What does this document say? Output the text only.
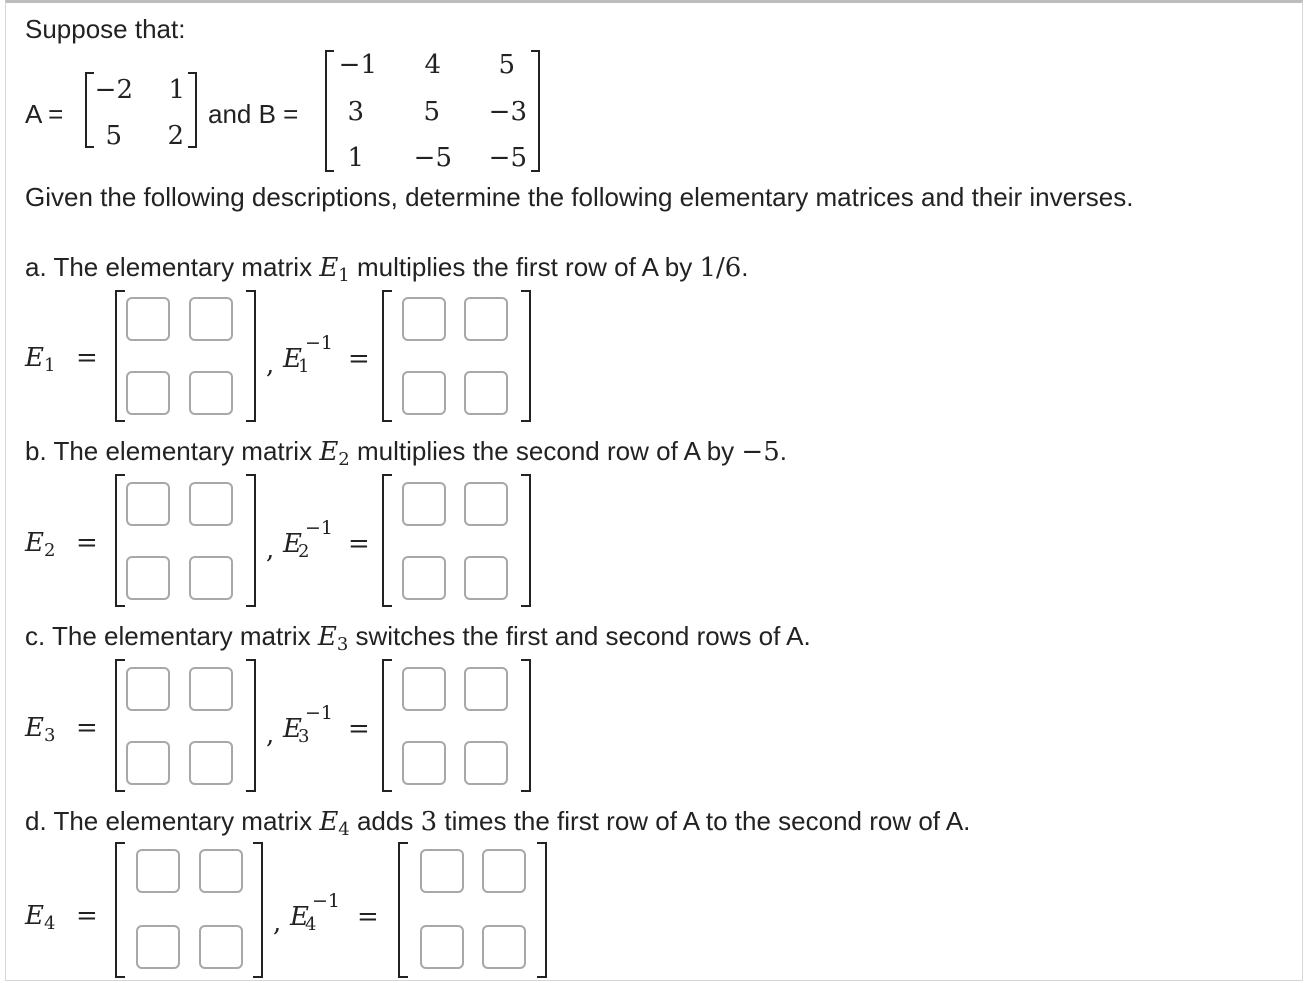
Suppose that:
A =
−2	1
5	2
and B =
−1	4	5
3	5	−3
1	−5	−5
Given the following descriptions, determine the following elementary matrices and their inverses.
a. The elementary matrix E1 multiplies the first row of A by 1/6.
E1 =	, E1
−1
=
b. The elementary matrix E2 multiplies the second row of A by −5.
E2 =	, E2
−1
=
c. The elementary matrix E3 switches the first and second rows of A.
E3 =	, E3
−1
=
d. The elementary matrix E4 adds 3 times the first row of A to the second row of A.
E4 =	, E4
−1
=
